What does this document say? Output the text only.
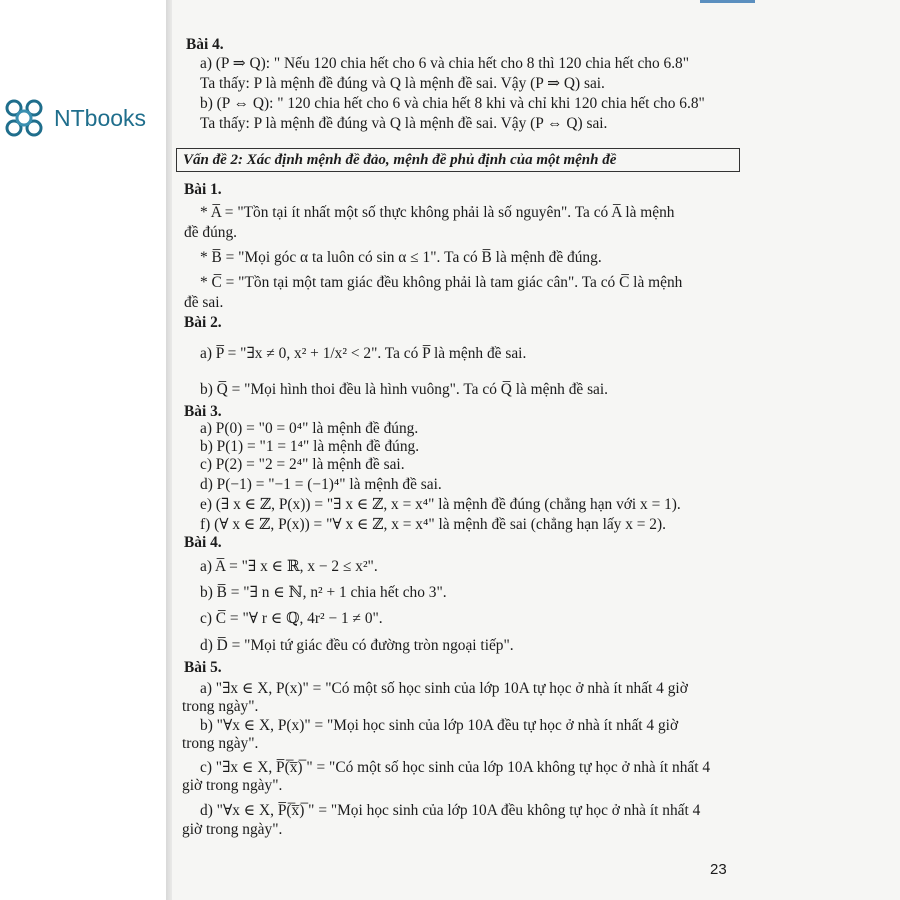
NTbooks
Bài 4.
a) (P ⇒ Q): " Nếu 120 chia hết cho 6 và chia hết cho 8 thì 120 chia hết cho 6.8"
Ta thấy: P là mệnh đề đúng và Q là mệnh đề sai. Vậy (P ⇒ Q) sai.
b) (P ⇔ Q): " 120 chia hết cho 6 và chia hết 8 khi và chỉ khi 120 chia hết cho 6.8"
Ta thấy: P là mệnh đề đúng và Q là mệnh đề sai. Vậy (P ⇔ Q) sai.
Vấn đề 2: Xác định mệnh đề đảo, mệnh đề phủ định của một mệnh đề
Bài 1.
* A̅ = "Tồn tại ít nhất một số thực không phải là số nguyên". Ta có A̅ là mệnh
đề đúng.
* B̅ = "Mọi góc α ta luôn có sin α ≤ 1". Ta có B̅ là mệnh đề đúng.
* C̅ = "Tồn tại một tam giác đều không phải là tam giác cân". Ta có C̅ là mệnh
đề sai.
Bài 2.
a) P̅ = "∃x ≠ 0, x² + 1/x² < 2". Ta có P̅ là mệnh đề sai.
b) Q̅ = "Mọi hình thoi đều là hình vuông". Ta có Q̅ là mệnh đề sai.
Bài 3.
a) P(0) = "0 = 0⁴" là mệnh đề đúng.
b) P(1) = "1 = 1⁴" là mệnh đề đúng.
c) P(2) = "2 = 2⁴" là mệnh đề sai.
d) P(−1) = "−1 = (−1)⁴" là mệnh đề sai.
e) (∃ x ∈ ℤ, P(x)) = "∃ x ∈ ℤ, x = x⁴" là mệnh đề đúng (chẳng hạn với x = 1).
f) (∀ x ∈ ℤ, P(x)) = "∀ x ∈ ℤ, x = x⁴" là mệnh đề sai (chẳng hạn lấy x = 2).
Bài 4.
a) A̅ = "∃ x ∈ ℝ, x − 2 ≤ x²".
b) B̅ = "∃ n ∈ ℕ, n² + 1 chia hết cho 3".
c) C̅ = "∀ r ∈ ℚ, 4r² − 1 ≠ 0".
d) D̅ = "Mọi tứ giác đều có đường tròn ngoại tiếp".
Bài 5.
a) "∃x ∈ X, P(x)" = "Có một số học sinh của lớp 10A tự học ở nhà ít nhất 4 giờ
trong ngày".
b) "∀x ∈ X, P(x)" = "Mọi học sinh của lớp 10A đều tự học ở nhà ít nhất 4 giờ
trong ngày".
c) "∃x ∈ X, P̅(̅x̅)̅ " = "Có một số học sinh của lớp 10A không tự học ở nhà ít nhất 4
giờ trong ngày".
d) "∀x ∈ X, P̅(̅x̅)̅ " = "Mọi học sinh của lớp 10A đều không tự học ở nhà ít nhất 4
giờ trong ngày".
23
